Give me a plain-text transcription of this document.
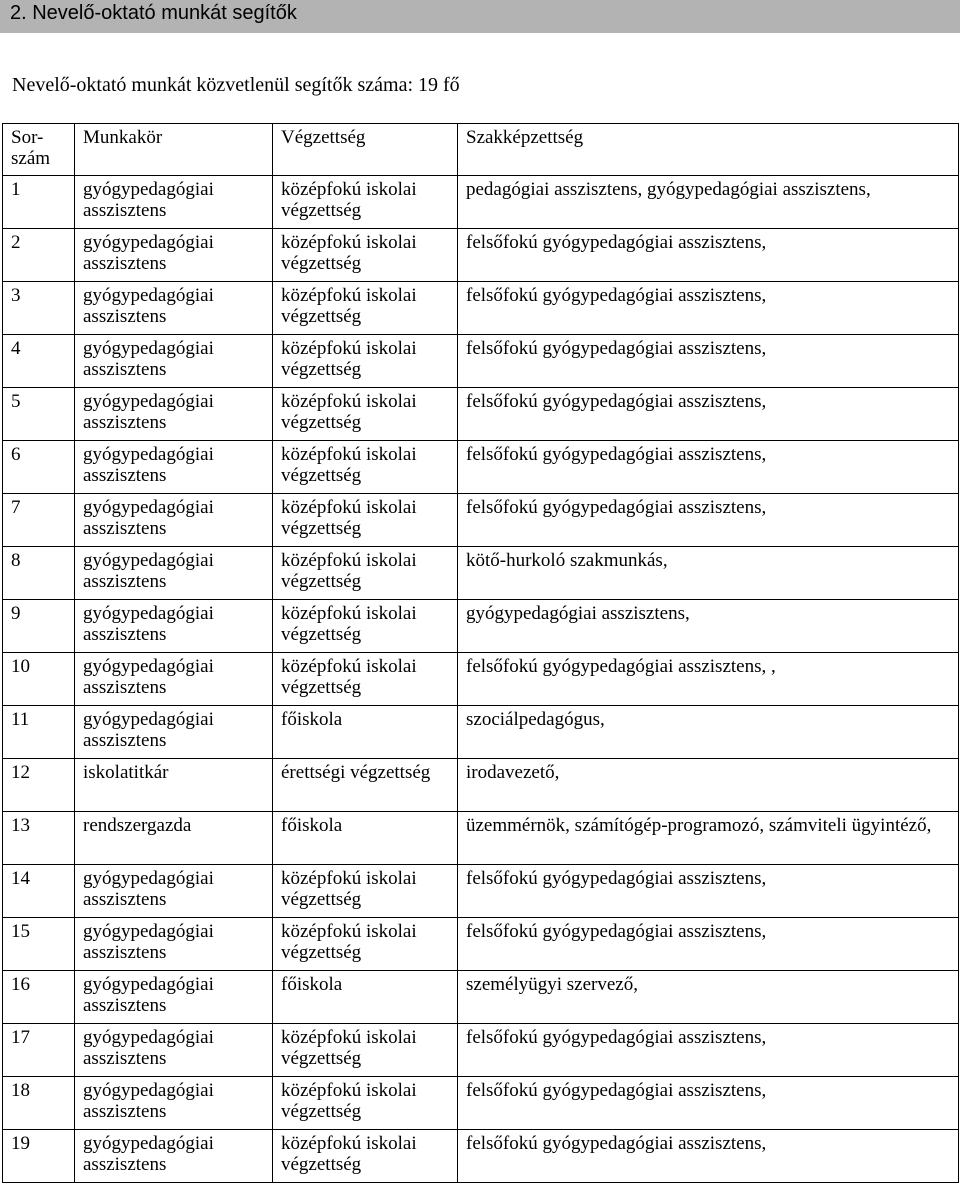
2. Nevelő-oktató munkát segítők
Nevelő-oktató munkát közvetlenül segítők száma: 19 fő
Sor-szám	Munkakör	Végzettség	Szakképzettség
1	gyógypedagógiai asszisztens	középfokú iskolai végzettség	pedagógiai asszisztens, gyógypedagógiai asszisztens,
2	gyógypedagógiai asszisztens	középfokú iskolai végzettség	felsőfokú gyógypedagógiai asszisztens,
3	gyógypedagógiai asszisztens	középfokú iskolai végzettség	felsőfokú gyógypedagógiai asszisztens,
4	gyógypedagógiai asszisztens	középfokú iskolai végzettség	felsőfokú gyógypedagógiai asszisztens,
5	gyógypedagógiai asszisztens	középfokú iskolai végzettség	felsőfokú gyógypedagógiai asszisztens,
6	gyógypedagógiai asszisztens	középfokú iskolai végzettség	felsőfokú gyógypedagógiai asszisztens,
7	gyógypedagógiai asszisztens	középfokú iskolai végzettség	felsőfokú gyógypedagógiai asszisztens,
8	gyógypedagógiai asszisztens	középfokú iskolai végzettség	kötő-hurkoló szakmunkás,
9	gyógypedagógiai asszisztens	középfokú iskolai végzettség	gyógypedagógiai asszisztens,
10	gyógypedagógiai asszisztens	középfokú iskolai végzettség	felsőfokú gyógypedagógiai asszisztens, ,
11	gyógypedagógiai asszisztens	főiskola	szociálpedagógus,
12	iskolatitkár	érettségi végzettség	irodavezető,
13	rendszergazda	főiskola	üzemmérnök, számítógép-programozó, számviteli ügyintéző,
14	gyógypedagógiai asszisztens	középfokú iskolai végzettség	felsőfokú gyógypedagógiai asszisztens,
15	gyógypedagógiai asszisztens	középfokú iskolai végzettség	felsőfokú gyógypedagógiai asszisztens,
16	gyógypedagógiai asszisztens	főiskola	személyügyi szervező,
17	gyógypedagógiai asszisztens	középfokú iskolai végzettség	felsőfokú gyógypedagógiai asszisztens,
18	gyógypedagógiai asszisztens	középfokú iskolai végzettség	felsőfokú gyógypedagógiai asszisztens,
19	gyógypedagógiai asszisztens	középfokú iskolai végzettség	felsőfokú gyógypedagógiai asszisztens,
